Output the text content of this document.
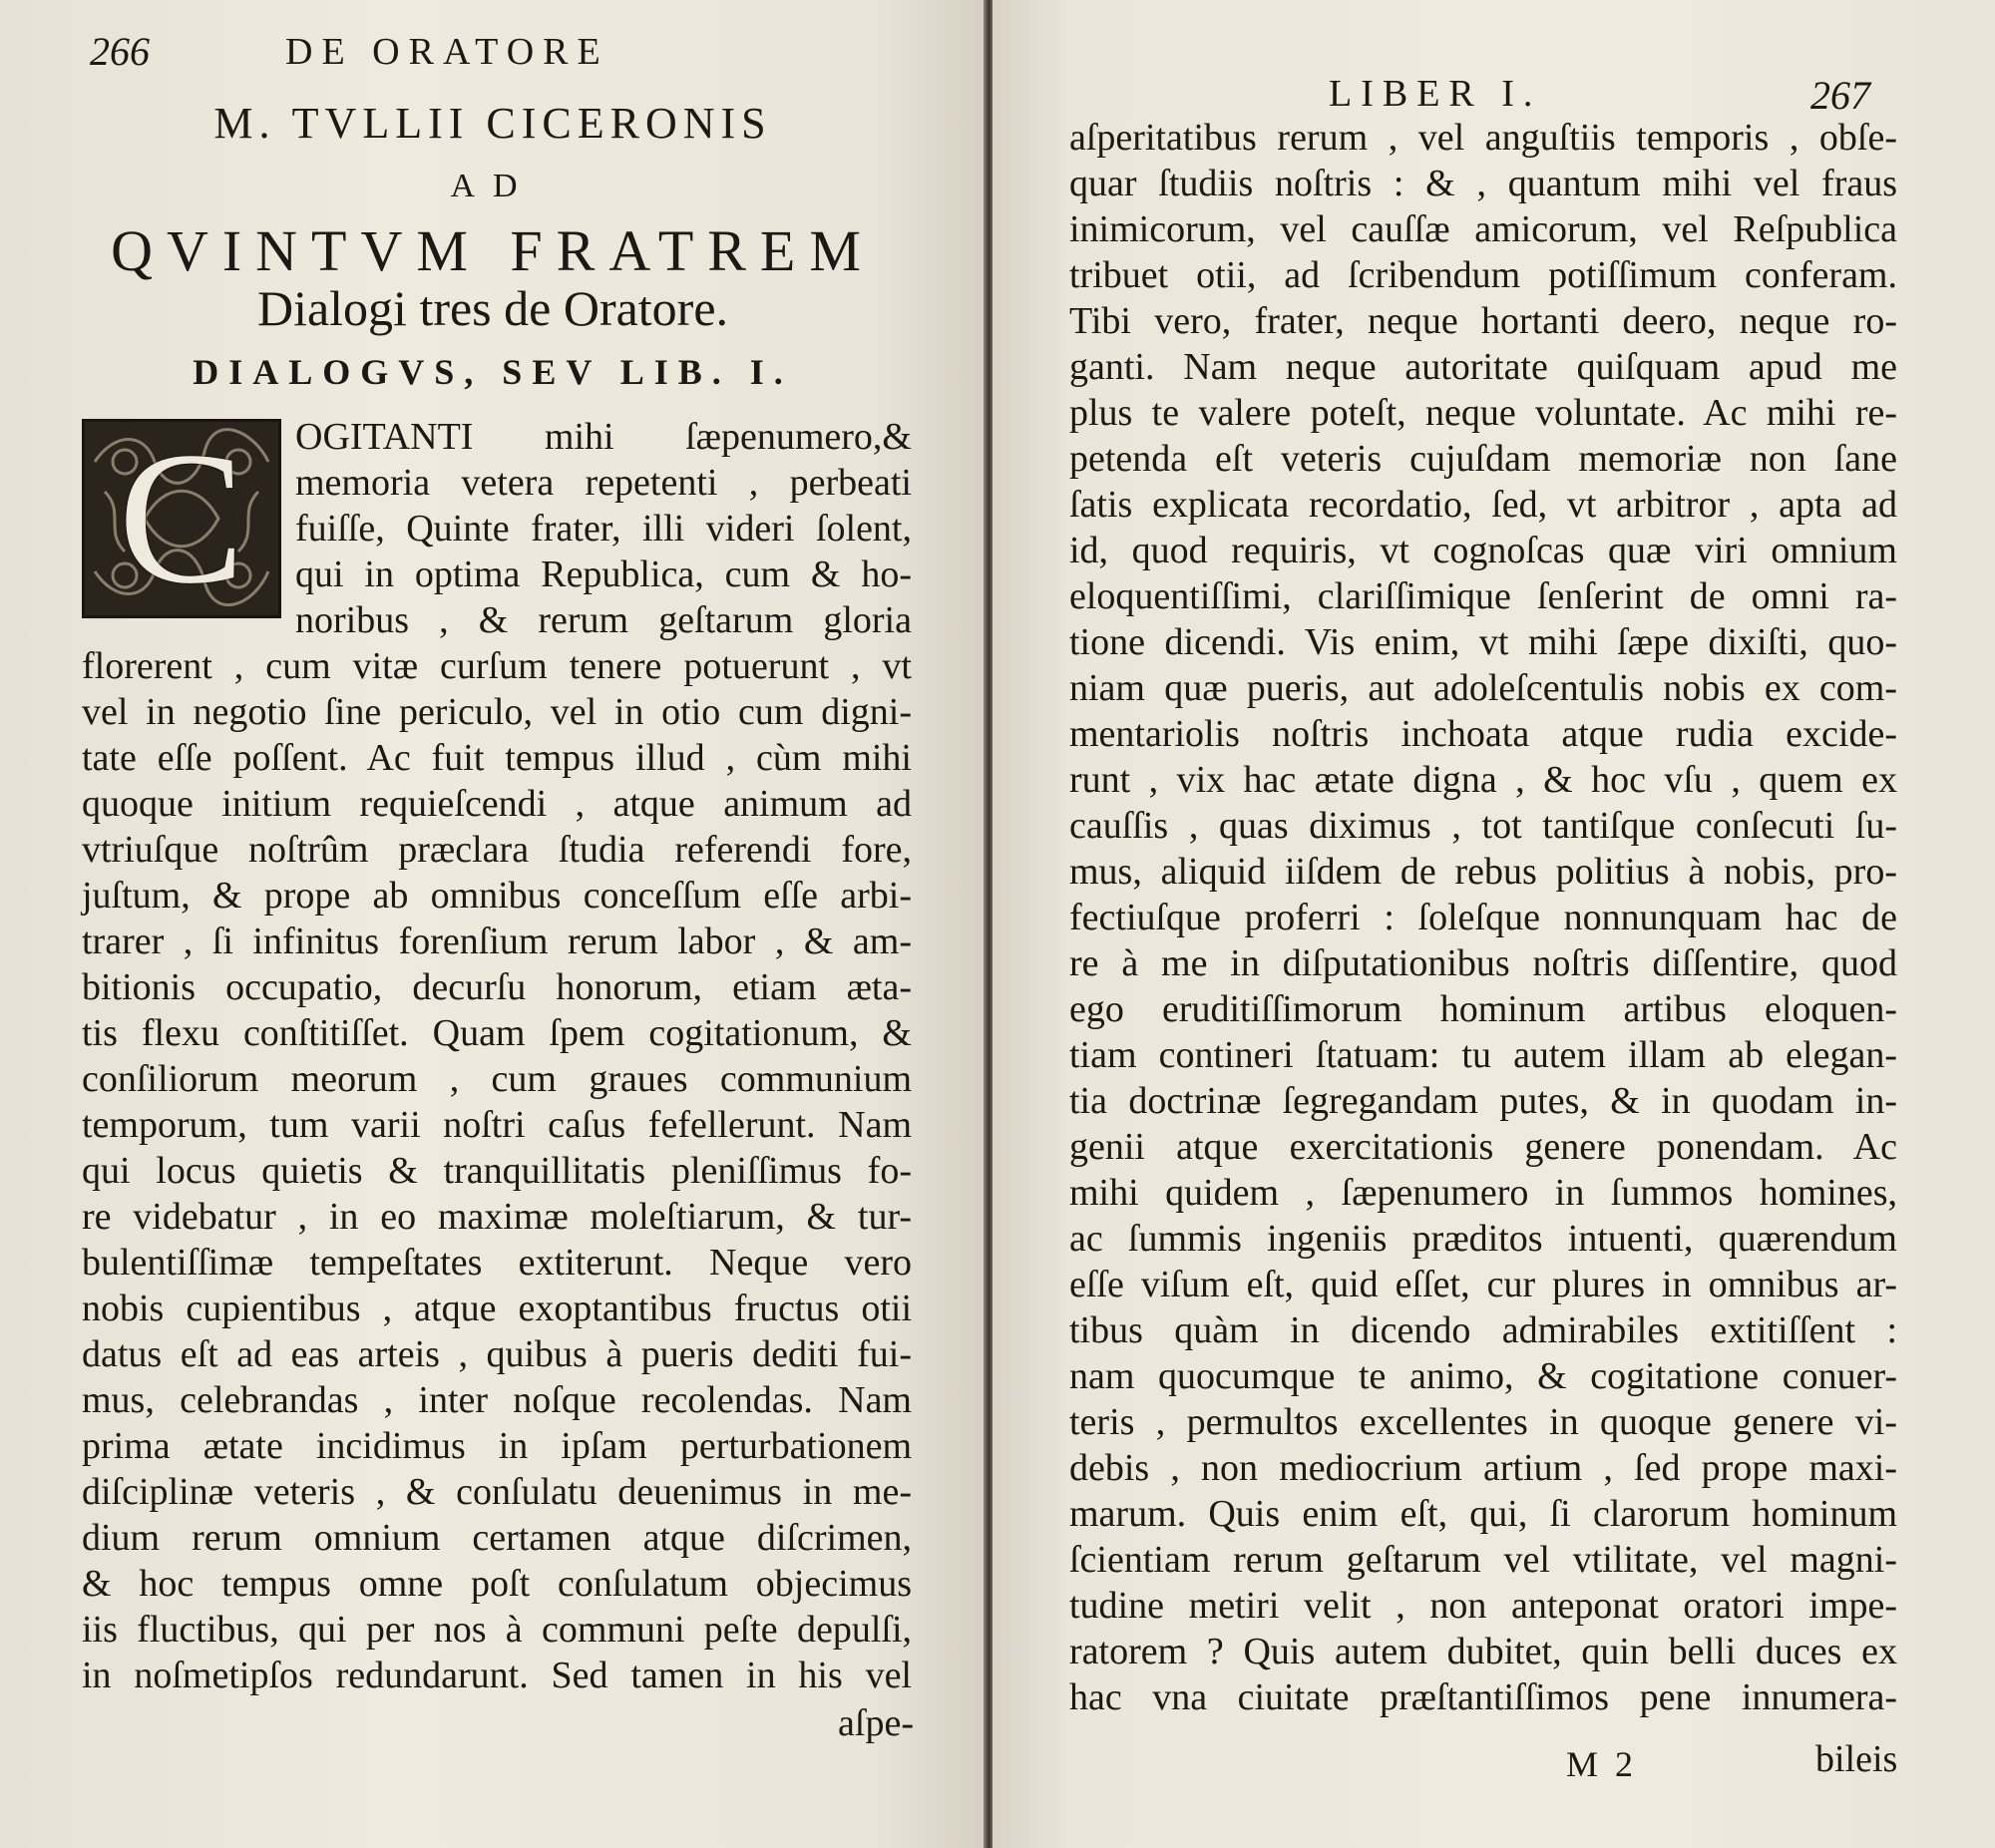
266	DE ORATORE
M. TVLLII CICERONIS
AD
QVINTVM FRATREM
Dialogi tres de Oratore.
DIALOGVS, SEV LIB. I.
C OGITANTI mihi ſæpenumero,&
memoria vetera repetenti , perbeati
fuiſſe, Quinte frater, illi videri ſolent,
qui in optima Republica, cum & ho-
noribus , & rerum geſtarum gloria
florerent , cum vitæ curſum tenere potuerunt , vt
vel in negotio ſine periculo, vel in otio cum digni-
tate eſſe poſſent. Ac fuit tempus illud , cùm mihi
quoque initium requieſcendi , atque animum ad
vtriuſque noſtrûm præclara ſtudia referendi fore,
juſtum, & prope ab omnibus conceſſum eſſe arbi-
trarer , ſi infinitus forenſium rerum labor , & am-
bitionis occupatio, decurſu honorum, etiam æta-
tis flexu conſtitiſſet. Quam ſpem cogitationum, &
conſiliorum meorum , cum graues communium
temporum, tum varii noſtri caſus fefellerunt. Nam
qui locus quietis & tranquillitatis pleniſſimus fo-
re videbatur , in eo maximæ moleſtiarum, & tur-
bulentiſſimæ tempeſtates extiterunt. Neque vero
nobis cupientibus , atque exoptantibus fructus otii
datus eſt ad eas arteis , quibus à pueris dediti fui-
mus, celebrandas , inter noſque recolendas. Nam
prima ætate incidimus in ipſam perturbationem
diſciplinæ veteris , & conſulatu deuenimus in me-
dium rerum omnium certamen atque diſcrimen,
& hoc tempus omne poſt conſulatum objecimus
iis fluctibus, qui per nos à communi peſte depulſi,
in noſmetipſos redundarunt. Sed tamen in his vel
aſpe-
LIBER I.	267
aſperitatibus rerum , vel anguſtiis temporis , obſe-
quar ſtudiis noſtris : & , quantum mihi vel fraus
inimicorum, vel cauſſæ amicorum, vel Reſpublica
tribuet otii, ad ſcribendum potiſſimum conferam.
Tibi vero, frater, neque hortanti deero, neque ro-
ganti. Nam neque autoritate quiſquam apud me
plus te valere poteſt, neque voluntate. Ac mihi re-
petenda eſt veteris cujuſdam memoriæ non ſane
ſatis explicata recordatio, ſed, vt arbitror , apta ad
id, quod requiris, vt cognoſcas quæ viri omnium
eloquentiſſimi, clariſſimique ſenſerint de omni ra-
tione dicendi. Vis enim, vt mihi ſæpe dixiſti, quo-
niam quæ pueris, aut adoleſcentulis nobis ex com-
mentariolis noſtris inchoata atque rudia excide-
runt , vix hac ætate digna , & hoc vſu , quem ex
cauſſis , quas diximus , tot tantiſque conſecuti ſu-
mus, aliquid iiſdem de rebus politius à nobis, pro-
fectiuſque proferri : ſoleſque nonnunquam hac de
re à me in diſputationibus noſtris diſſentire, quod
ego eruditiſſimorum hominum artibus eloquen-
tiam contineri ſtatuam: tu autem illam ab elegan-
tia doctrinæ ſegregandam putes, & in quodam in-
genii atque exercitationis genere ponendam. Ac
mihi quidem , ſæpenumero in ſummos homines,
ac ſummis ingeniis præditos intuenti, quærendum
eſſe viſum eſt, quid eſſet, cur plures in omnibus ar-
tibus quàm in dicendo admirabiles extitiſſent :
nam quocumque te animo, & cogitatione conuer-
teris , permultos excellentes in quoque genere vi-
debis , non mediocrium artium , ſed prope maxi-
marum. Quis enim eſt, qui, ſi clarorum hominum
ſcientiam rerum geſtarum vel vtilitate, vel magni-
tudine metiri velit , non anteponat oratori impe-
ratorem ? Quis autem dubitet, quin belli duces ex
hac vna ciuitate præſtantiſſimos pene innumera-
M 2	bileis
